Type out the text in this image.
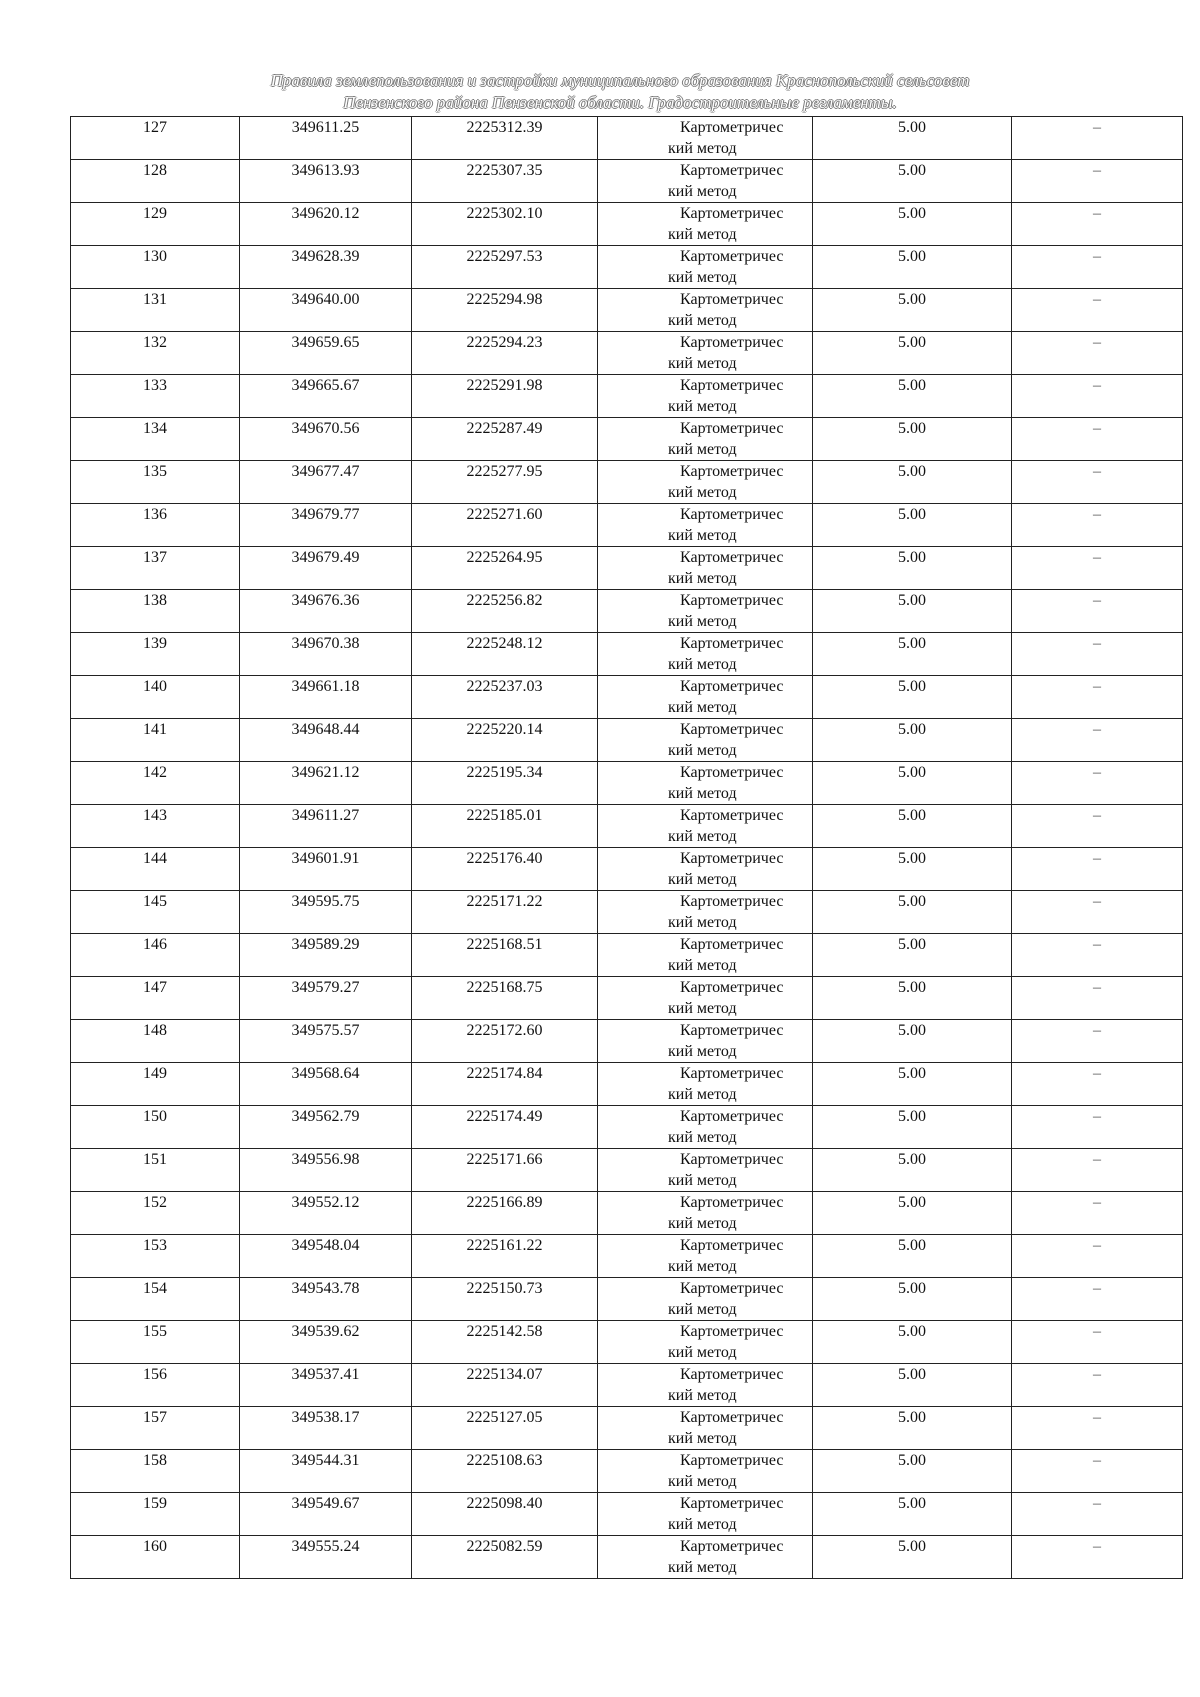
Правила землепользования и застройки муниципального образования Краснопольский сельсовет
Пензенского района Пензенской области. Градостроительные регламенты.
127	349611.25	2225312.39	Картометричес
кий метод	5.00	–
128	349613.93	2225307.35	Картометричес
кий метод	5.00	–
129	349620.12	2225302.10	Картометричес
кий метод	5.00	–
130	349628.39	2225297.53	Картометричес
кий метод	5.00	–
131	349640.00	2225294.98	Картометричес
кий метод	5.00	–
132	349659.65	2225294.23	Картометричес
кий метод	5.00	–
133	349665.67	2225291.98	Картометричес
кий метод	5.00	–
134	349670.56	2225287.49	Картометричес
кий метод	5.00	–
135	349677.47	2225277.95	Картометричес
кий метод	5.00	–
136	349679.77	2225271.60	Картометричес
кий метод	5.00	–
137	349679.49	2225264.95	Картометричес
кий метод	5.00	–
138	349676.36	2225256.82	Картометричес
кий метод	5.00	–
139	349670.38	2225248.12	Картометричес
кий метод	5.00	–
140	349661.18	2225237.03	Картометричес
кий метод	5.00	–
141	349648.44	2225220.14	Картометричес
кий метод	5.00	–
142	349621.12	2225195.34	Картометричес
кий метод	5.00	–
143	349611.27	2225185.01	Картометричес
кий метод	5.00	–
144	349601.91	2225176.40	Картометричес
кий метод	5.00	–
145	349595.75	2225171.22	Картометричес
кий метод	5.00	–
146	349589.29	2225168.51	Картометричес
кий метод	5.00	–
147	349579.27	2225168.75	Картометричес
кий метод	5.00	–
148	349575.57	2225172.60	Картометричес
кий метод	5.00	–
149	349568.64	2225174.84	Картометричес
кий метод	5.00	–
150	349562.79	2225174.49	Картометричес
кий метод	5.00	–
151	349556.98	2225171.66	Картометричес
кий метод	5.00	–
152	349552.12	2225166.89	Картометричес
кий метод	5.00	–
153	349548.04	2225161.22	Картометричес
кий метод	5.00	–
154	349543.78	2225150.73	Картометричес
кий метод	5.00	–
155	349539.62	2225142.58	Картометричес
кий метод	5.00	–
156	349537.41	2225134.07	Картометричес
кий метод	5.00	–
157	349538.17	2225127.05	Картометричес
кий метод	5.00	–
158	349544.31	2225108.63	Картометричес
кий метод	5.00	–
159	349549.67	2225098.40	Картометричес
кий метод	5.00	–
160	349555.24	2225082.59	Картометричес
кий метод	5.00	–
